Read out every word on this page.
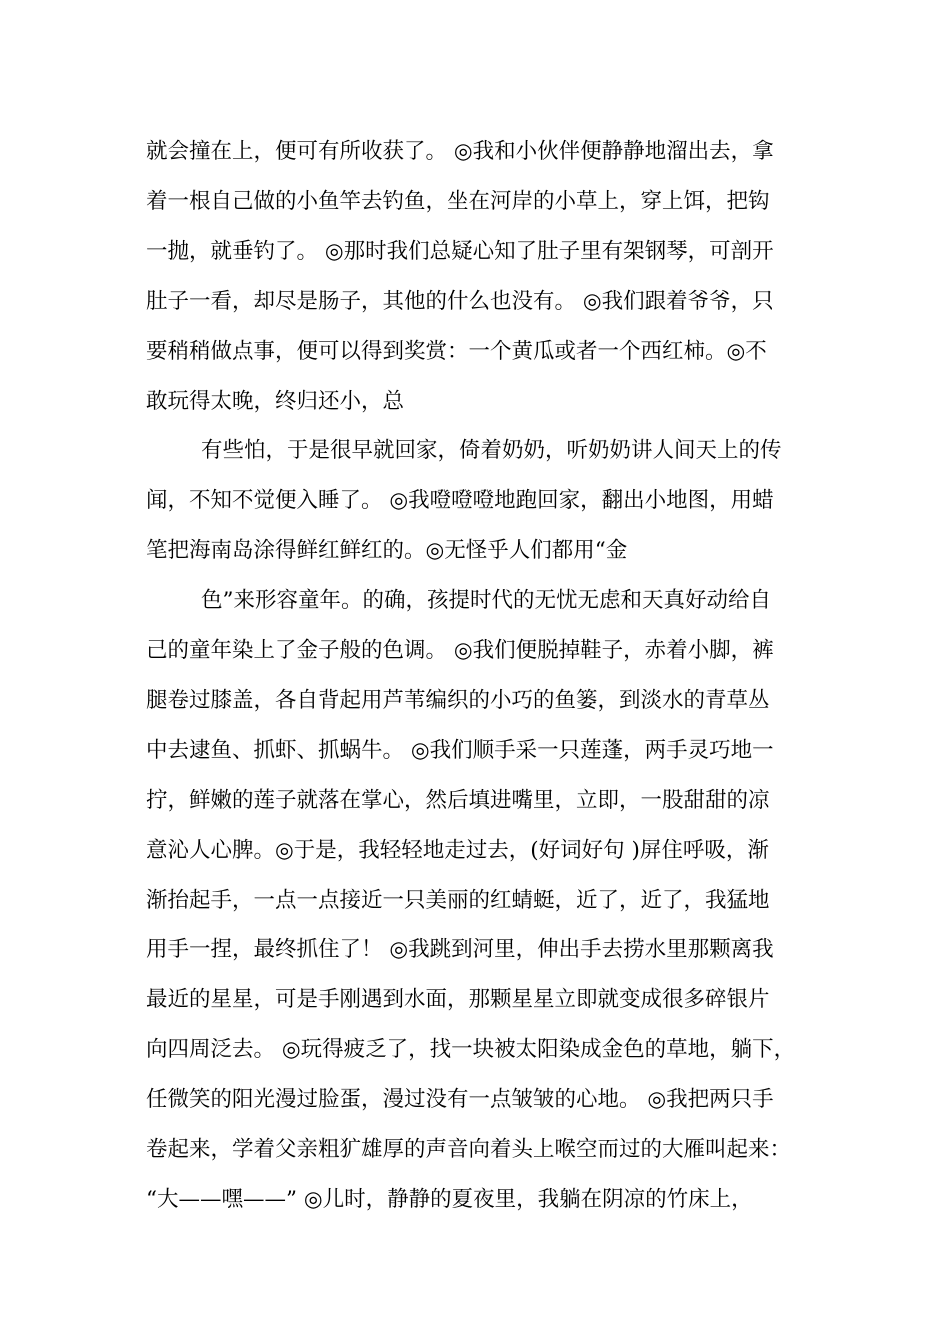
就会撞在上，便可有所收获了。 ◎我和小伙伴便静静地溜出去，拿
着一根自己做的小鱼竿去钓鱼，坐在河岸的小草上，穿上饵，把钩
一抛，就垂钓了。 ◎那时我们总疑心知了肚子里有架钢琴，可剖开
肚子一看，却尽是肠子，其他的什么也没有。 ◎我们跟着爷爷，只
要稍稍做点事，便可以得到奖赏：一个黄瓜或者一个西红柿。◎不
敢玩得太晚，终归还小，总
有些怕，于是很早就回家，倚着奶奶，听奶奶讲人间天上的传
闻，不知不觉便入睡了。 ◎我噔噔噔地跑回家，翻出小地图，用蜡
笔把海南岛涂得鲜红鲜红的。◎无怪乎人们都用“金
色”来形容童年。的确，孩提时代的无忧无虑和天真好动给自
己的童年染上了金子般的色调。 ◎我们便脱掉鞋子，赤着小脚，裤
腿卷过膝盖，各自背起用芦苇编织的小巧的鱼篓，到淡水的青草丛
中去逮鱼、抓虾、抓蜗牛。 ◎我们顺手采一只莲蓬，两手灵巧地一
拧，鲜嫩的莲子就落在掌心，然后填进嘴里，立即，一股甜甜的凉
意沁人心脾。◎于是，我轻轻地走过去，(好词好句 )屏住呼吸，渐
渐抬起手，一点一点接近一只美丽的红蜻蜓，近了，近了，我猛地
用手一捏，最终抓住了！ ◎我跳到河里，伸出手去捞水里那颗离我
最近的星星，可是手刚遇到水面，那颗星星立即就变成很多碎银片
向四周泛去。 ◎玩得疲乏了，找一块被太阳染成金色的草地，躺下，
任微笑的阳光漫过脸蛋，漫过没有一点皱皱的心地。 ◎我把两只手
卷起来，学着父亲粗犷雄厚的声音向着头上喉空而过的大雁叫起来：
“大——嘿——” ◎儿时，静静的夏夜里，我躺在阴凉的竹床上，
